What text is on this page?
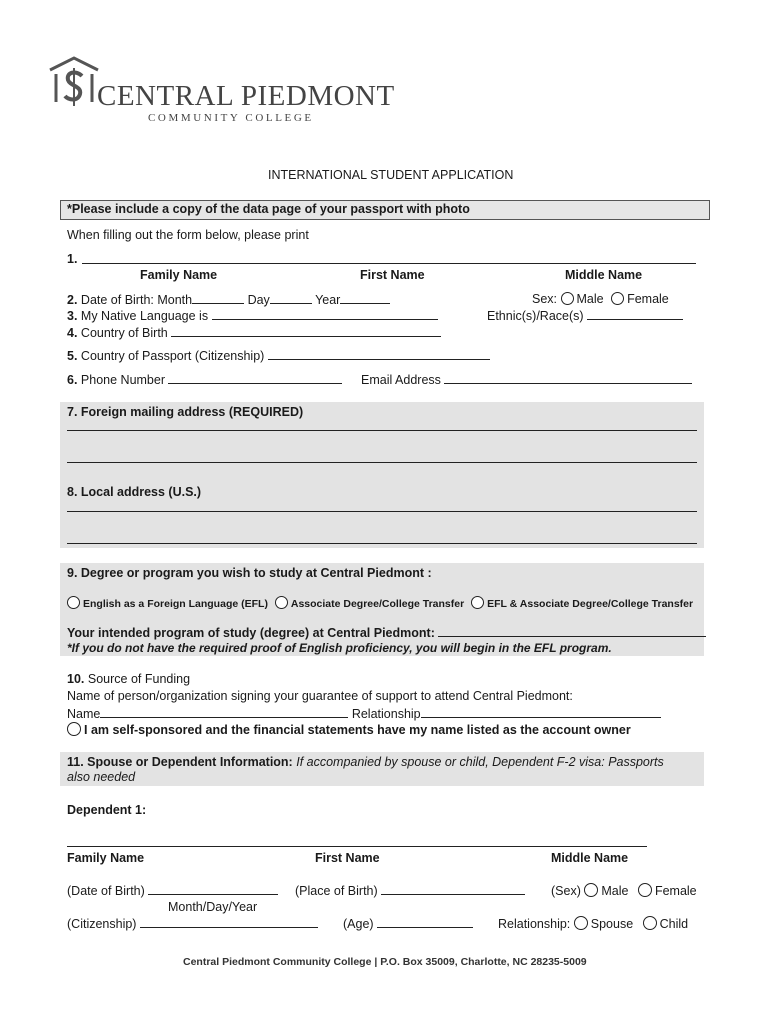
CENTRAL PIEDMONT
COMMUNITY COLLEGE
INTERNATIONAL STUDENT APPLICATION
*Please include a copy of the data page of your passport with photo
When filling out the form below, please print
1.
Family Name	First Name	Middle Name
2. Date of Birth: Month	Day	Year	Sex: Male Female
3. My Native Language is	Ethnic(s)/Race(s)
4. Country of Birth
5. Country of Passport (Citizenship)
6. Phone Number	Email Address
7. Foreign mailing address (REQUIRED)
8. Local address (U.S.)
9. Degree or program you wish to study at Central Piedmont :
English as a Foreign Language (EFL) Associate Degree/College Transfer EFL & Associate Degree/College Transfer
Your intended program of study (degree) at Central Piedmont:
*If you do not have the required proof of English proficiency, you will begin in the EFL program.
10. Source of Funding
Name of person/organization signing your guarantee of support to attend Central Piedmont:
Name	Relationship
I am self-sponsored and the financial statements have my name listed as the account owner
11. Spouse or Dependent Information: If accompanied by spouse or child, Dependent F-2 visa: Passports
also needed
Dependent 1:
Family Name	First Name	Middle Name
(Date of Birth)	(Place of Birth)	(Sex) Male Female
Month/Day/Year
(Citizenship)	(Age)	Relationship: Spouse Child
Central Piedmont Community College | P.O. Box 35009, Charlotte, NC 28235-5009
